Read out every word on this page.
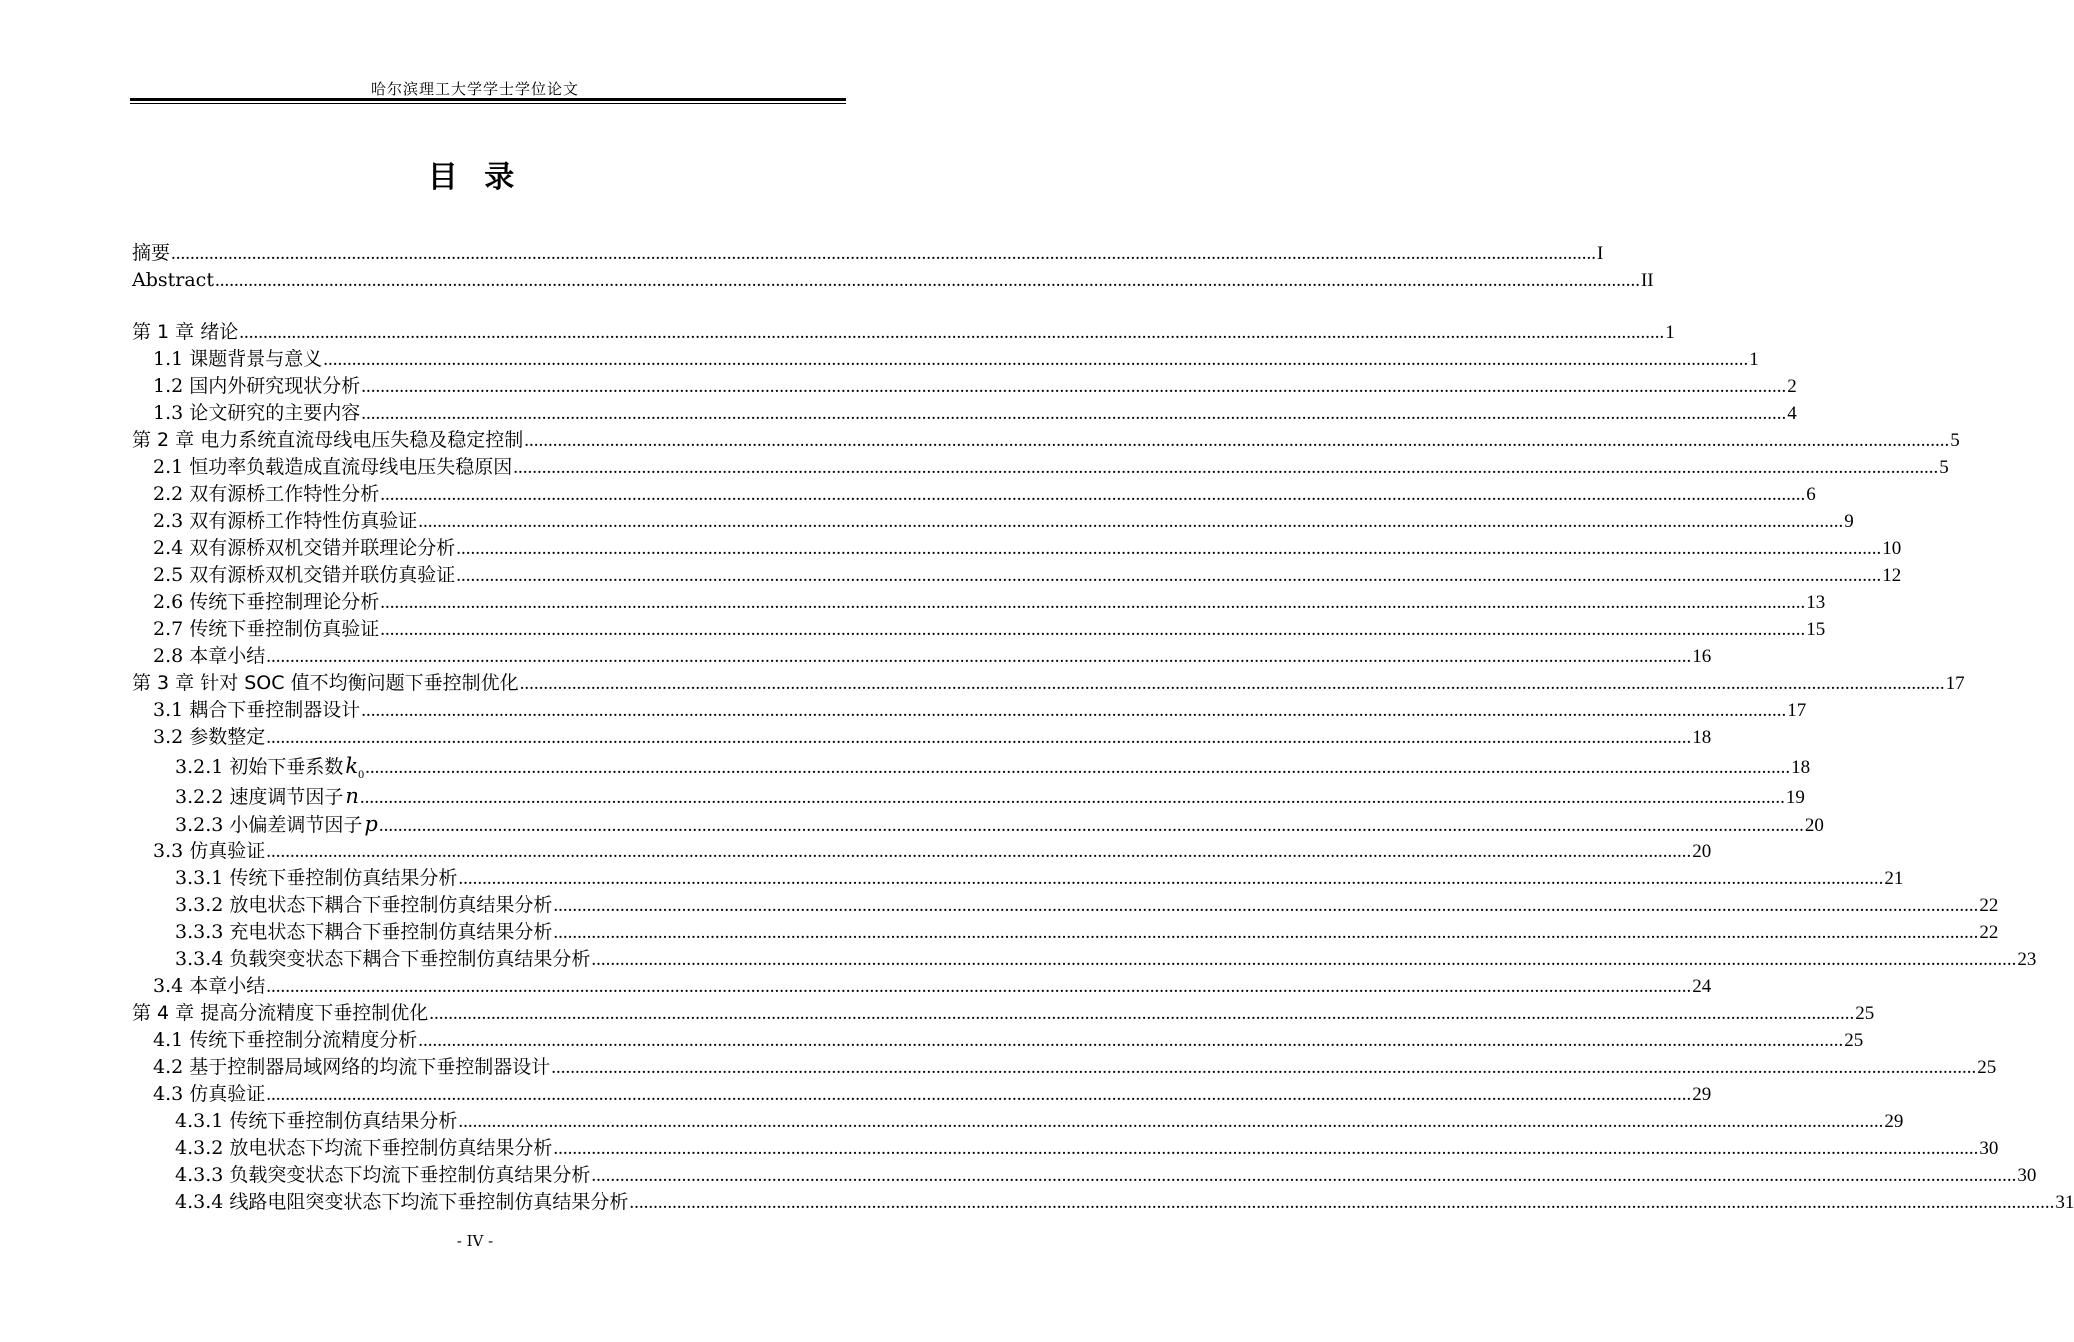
哈尔滨理工大学学士学位论文
目 录
摘要 ............................................................................................................................................................................................................................................................................................................ I
Abstract ............................................................................................................................................................................................................................................................................................................ II
第 1 章 绪论 ............................................................................................................................................................................................................................................................................................................ 1
1.1 课题背景与意义 ............................................................................................................................................................................................................................................................................................................ 1
1.2 国内外研究现状分析 ............................................................................................................................................................................................................................................................................................................ 2
1.3 论文研究的主要内容 ............................................................................................................................................................................................................................................................................................................ 4
第 2 章 电力系统直流母线电压失稳及稳定控制 ............................................................................................................................................................................................................................................................................................................ 5
2.1 恒功率负载造成直流母线电压失稳原因 ............................................................................................................................................................................................................................................................................................................ 5
2.2 双有源桥工作特性分析 ............................................................................................................................................................................................................................................................................................................ 6
2.3 双有源桥工作特性仿真验证 ............................................................................................................................................................................................................................................................................................................ 9
2.4 双有源桥双机交错并联理论分析 ............................................................................................................................................................................................................................................................................................................ 10
2.5 双有源桥双机交错并联仿真验证 ............................................................................................................................................................................................................................................................................................................ 12
2.6 传统下垂控制理论分析 ............................................................................................................................................................................................................................................................................................................ 13
2.7 传统下垂控制仿真验证 ............................................................................................................................................................................................................................................................................................................ 15
2.8 本章小结 ............................................................................................................................................................................................................................................................................................................ 16
第 3 章 针对 SOC 值不均衡问题下垂控制优化 ............................................................................................................................................................................................................................................................................................................ 17
3.1 耦合下垂控制器设计 ............................................................................................................................................................................................................................................................................................................ 17
3.2 参数整定 ............................................................................................................................................................................................................................................................................................................ 18
3.2.1 初始下垂系数$k_0$ ............................................................................................................................................................................................................................................................................................................ 18
3.2.2 速度调节因子n ............................................................................................................................................................................................................................................................................................................ 19
3.2.3 小偏差调节因子p ............................................................................................................................................................................................................................................................................................................ 20
3.3 仿真验证 ............................................................................................................................................................................................................................................................................................................ 20
3.3.1 传统下垂控制仿真结果分析 ............................................................................................................................................................................................................................................................................................................ 21
3.3.2 放电状态下耦合下垂控制仿真结果分析 ............................................................................................................................................................................................................................................................................................................ 22
3.3.3 充电状态下耦合下垂控制仿真结果分析 ............................................................................................................................................................................................................................................................................................................ 22
3.3.4 负载突变状态下耦合下垂控制仿真结果分析 ............................................................................................................................................................................................................................................................................................................ 23
3.4 本章小结 ............................................................................................................................................................................................................................................................................................................ 24
第 4 章 提高分流精度下垂控制优化 ............................................................................................................................................................................................................................................................................................................ 25
4.1 传统下垂控制分流精度分析 ............................................................................................................................................................................................................................................................................................................ 25
4.2 基于控制器局域网络的均流下垂控制器设计 ............................................................................................................................................................................................................................................................................................................ 25
4.3 仿真验证 ............................................................................................................................................................................................................................................................................................................ 29
4.3.1 传统下垂控制仿真结果分析 ............................................................................................................................................................................................................................................................................................................ 29
4.3.2 放电状态下均流下垂控制仿真结果分析 ............................................................................................................................................................................................................................................................................................................ 30
4.3.3 负载突变状态下均流下垂控制仿真结果分析 ............................................................................................................................................................................................................................................................................................................ 30
4.3.4 线路电阻突变状态下均流下垂控制仿真结果分析 ............................................................................................................................................................................................................................................................................................................ 31
- IV -
